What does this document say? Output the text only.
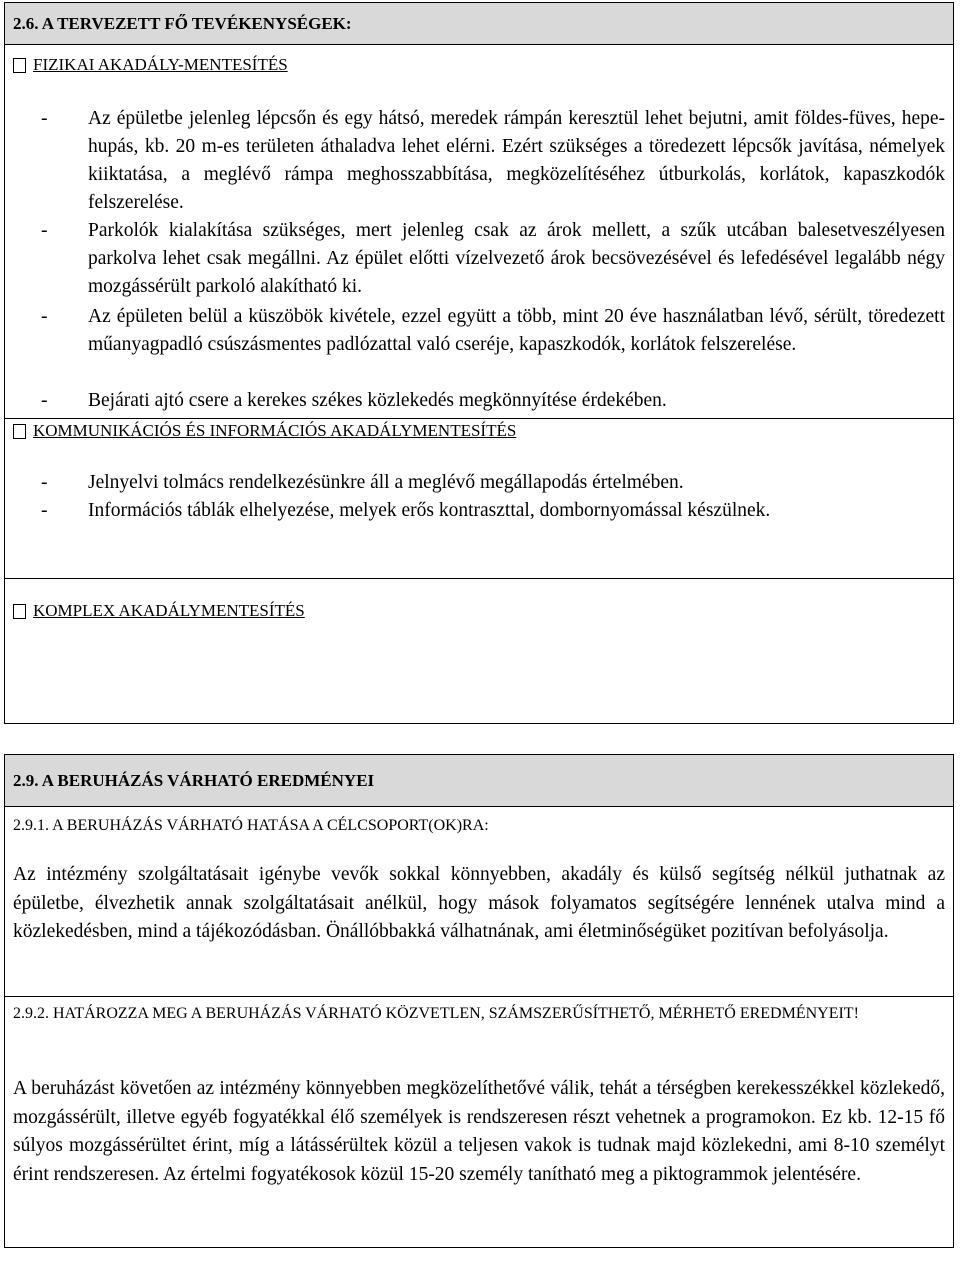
2.6. A TERVEZETT FŐ TEVÉKENYSÉGEK:
FIZIKAI AKADÁLY-MENTESÍTÉS
- Az épületbe jelenleg lépcsőn és egy hátsó, meredek rámpán keresztül lehet bejutni, amit földes-füves, hepe-hupás, kb. 20 m-es területen áthaladva lehet elérni. Ezért szükséges a töredezett lépcsők javítása, némelyek kiiktatása, a meglévő rámpa meghosszabbítása, megközelítéséhez útburkolás, korlátok, kapaszkodók felszerelése.
- Parkolók kialakítása szükséges, mert jelenleg csak az árok mellett, a szűk utcában balesetveszélyesen parkolva lehet csak megállni. Az épület előtti vízelvezető árok becsövezésével és lefedésével legalább négy mozgássérült parkoló alakítható ki.
- Az épületen belül a küszöbök kivétele, ezzel együtt a több, mint 20 éve használatban lévő, sérült, töredezett műanyagpadló csúszásmentes padlózattal való cseréje, kapaszkodók, korlátok felszerelése.
- Bejárati ajtó csere a kerekes székes közlekedés megkönnyítése érdekében.
KOMMUNIKÁCIÓS ÉS INFORMÁCIÓS AKADÁLYMENTESÍTÉS
- Jelnyelvi tolmács rendelkezésünkre áll a meglévő megállapodás értelmében.
- Információs táblák elhelyezése, melyek erős kontraszttal, dombornyomással készülnek.
KOMPLEX AKADÁLYMENTESÍTÉS
2.9. A BERUHÁZÁS VÁRHATÓ EREDMÉNYEI
2.9.1. A BERUHÁZÁS VÁRHATÓ HATÁSA A CÉLCSOPORT(OK)RA:
Az intézmény szolgáltatásait igénybe vevők sokkal könnyebben, akadály és külső segítség nélkül juthatnak az épületbe, élvezhetik annak szolgáltatásait anélkül, hogy mások folyamatos segítségére lennének utalva mind a közlekedésben, mind a tájékozódásban. Önállóbbakká válhatnának, ami életminőségüket pozitívan befolyásolja.
2.9.2. HATÁROZZA MEG A BERUHÁZÁS VÁRHATÓ KÖZVETLEN, SZÁMSZERŰSÍTHETŐ, MÉRHETŐ EREDMÉNYEIT!
A beruházást követően az intézmény könnyebben megközelíthetővé válik, tehát a térségben kerekesszékkel közlekedő, mozgássérült, illetve egyéb fogyatékkal élő személyek is rendszeresen részt vehetnek a programokon. Ez kb. 12-15 fő súlyos mozgássérültet érint, míg a látássérültek közül a teljesen vakok is tudnak majd közlekedni, ami 8-10 személyt érint rendszeresen. Az értelmi fogyatékosok közül 15-20 személy tanítható meg a piktogrammok jelentésére.
